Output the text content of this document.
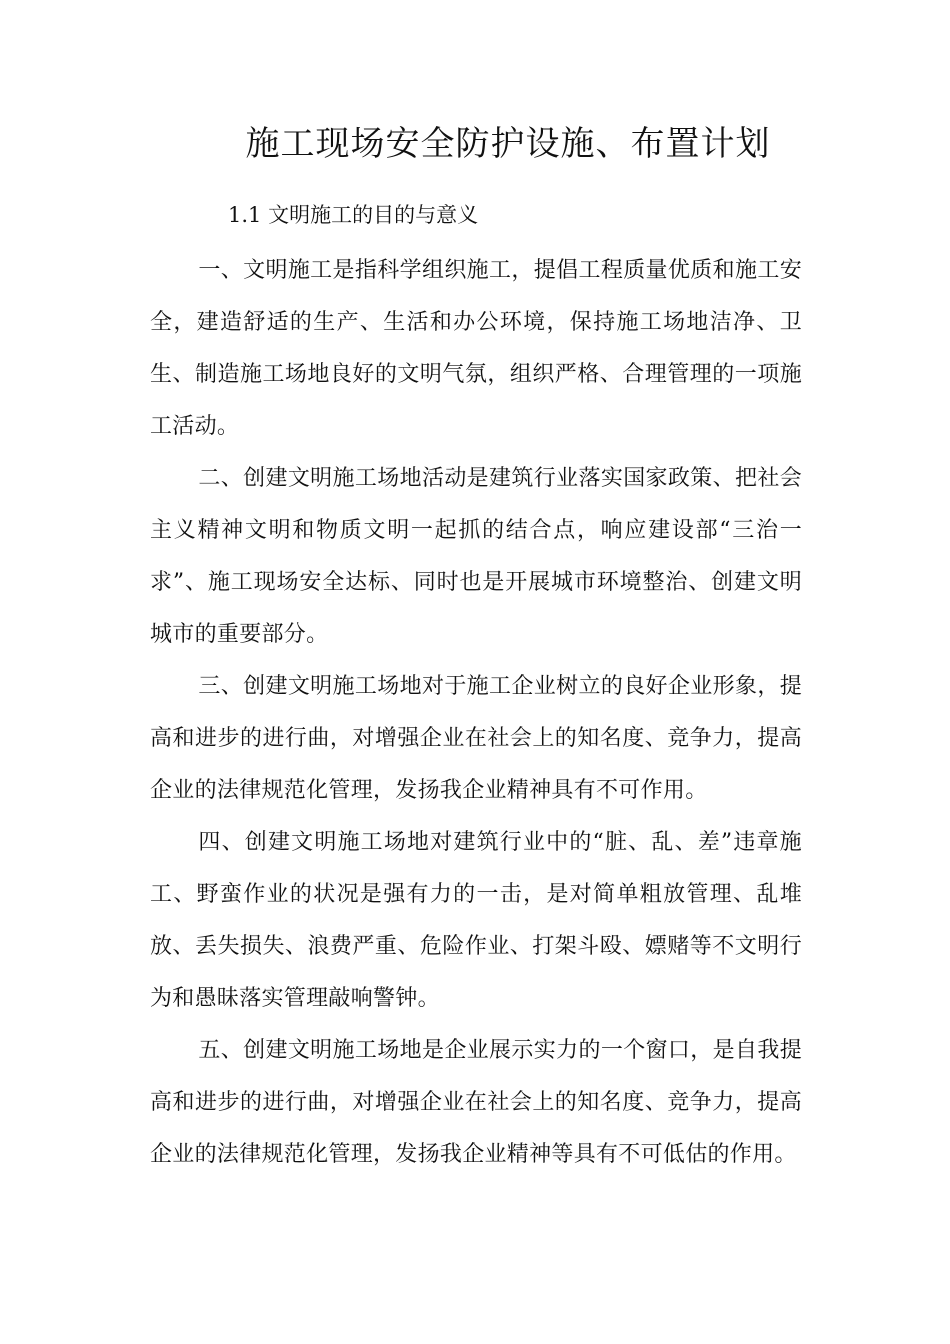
施工现场安全防护设施、布置计划
1.1 文明施工的目的与意义

一、文明施工是指科学组织施工，提倡工程质量优质和施工安全，建造舒适的生产、生活和办公环境，保持施工场地洁净、卫生、制造施工场地良好的文明气氛，组织严格、合理管理的一项施工活动。

二、创建文明施工场地活动是建筑行业落实国家政策、把社会主义精神文明和物质文明一起抓的结合点，响应建设部“三治一求”、施工现场安全达标、同时也是开展城市环境整治、创建文明城市的重要部分。

三、创建文明施工场地对于施工企业树立的良好企业形象，提高和进步的进行曲，对增强企业在社会上的知名度、竞争力，提高企业的法律规范化管理，发扬我企业精神具有不可作用。

四、创建文明施工场地对建筑行业中的“脏、乱、差”违章施工、野蛮作业的状况是强有力的一击，是对简单粗放管理、乱堆放、丢失损失、浪费严重、危险作业、打架斗殴、嫖赌等不文明行为和愚昧落实管理敲响警钟。

五、创建文明施工场地是企业展示实力的一个窗口，是自我提高和进步的进行曲，对增强企业在社会上的知名度、竞争力，提高企业的法律规范化管理，发扬我企业精神等具有不可低估的作用。
